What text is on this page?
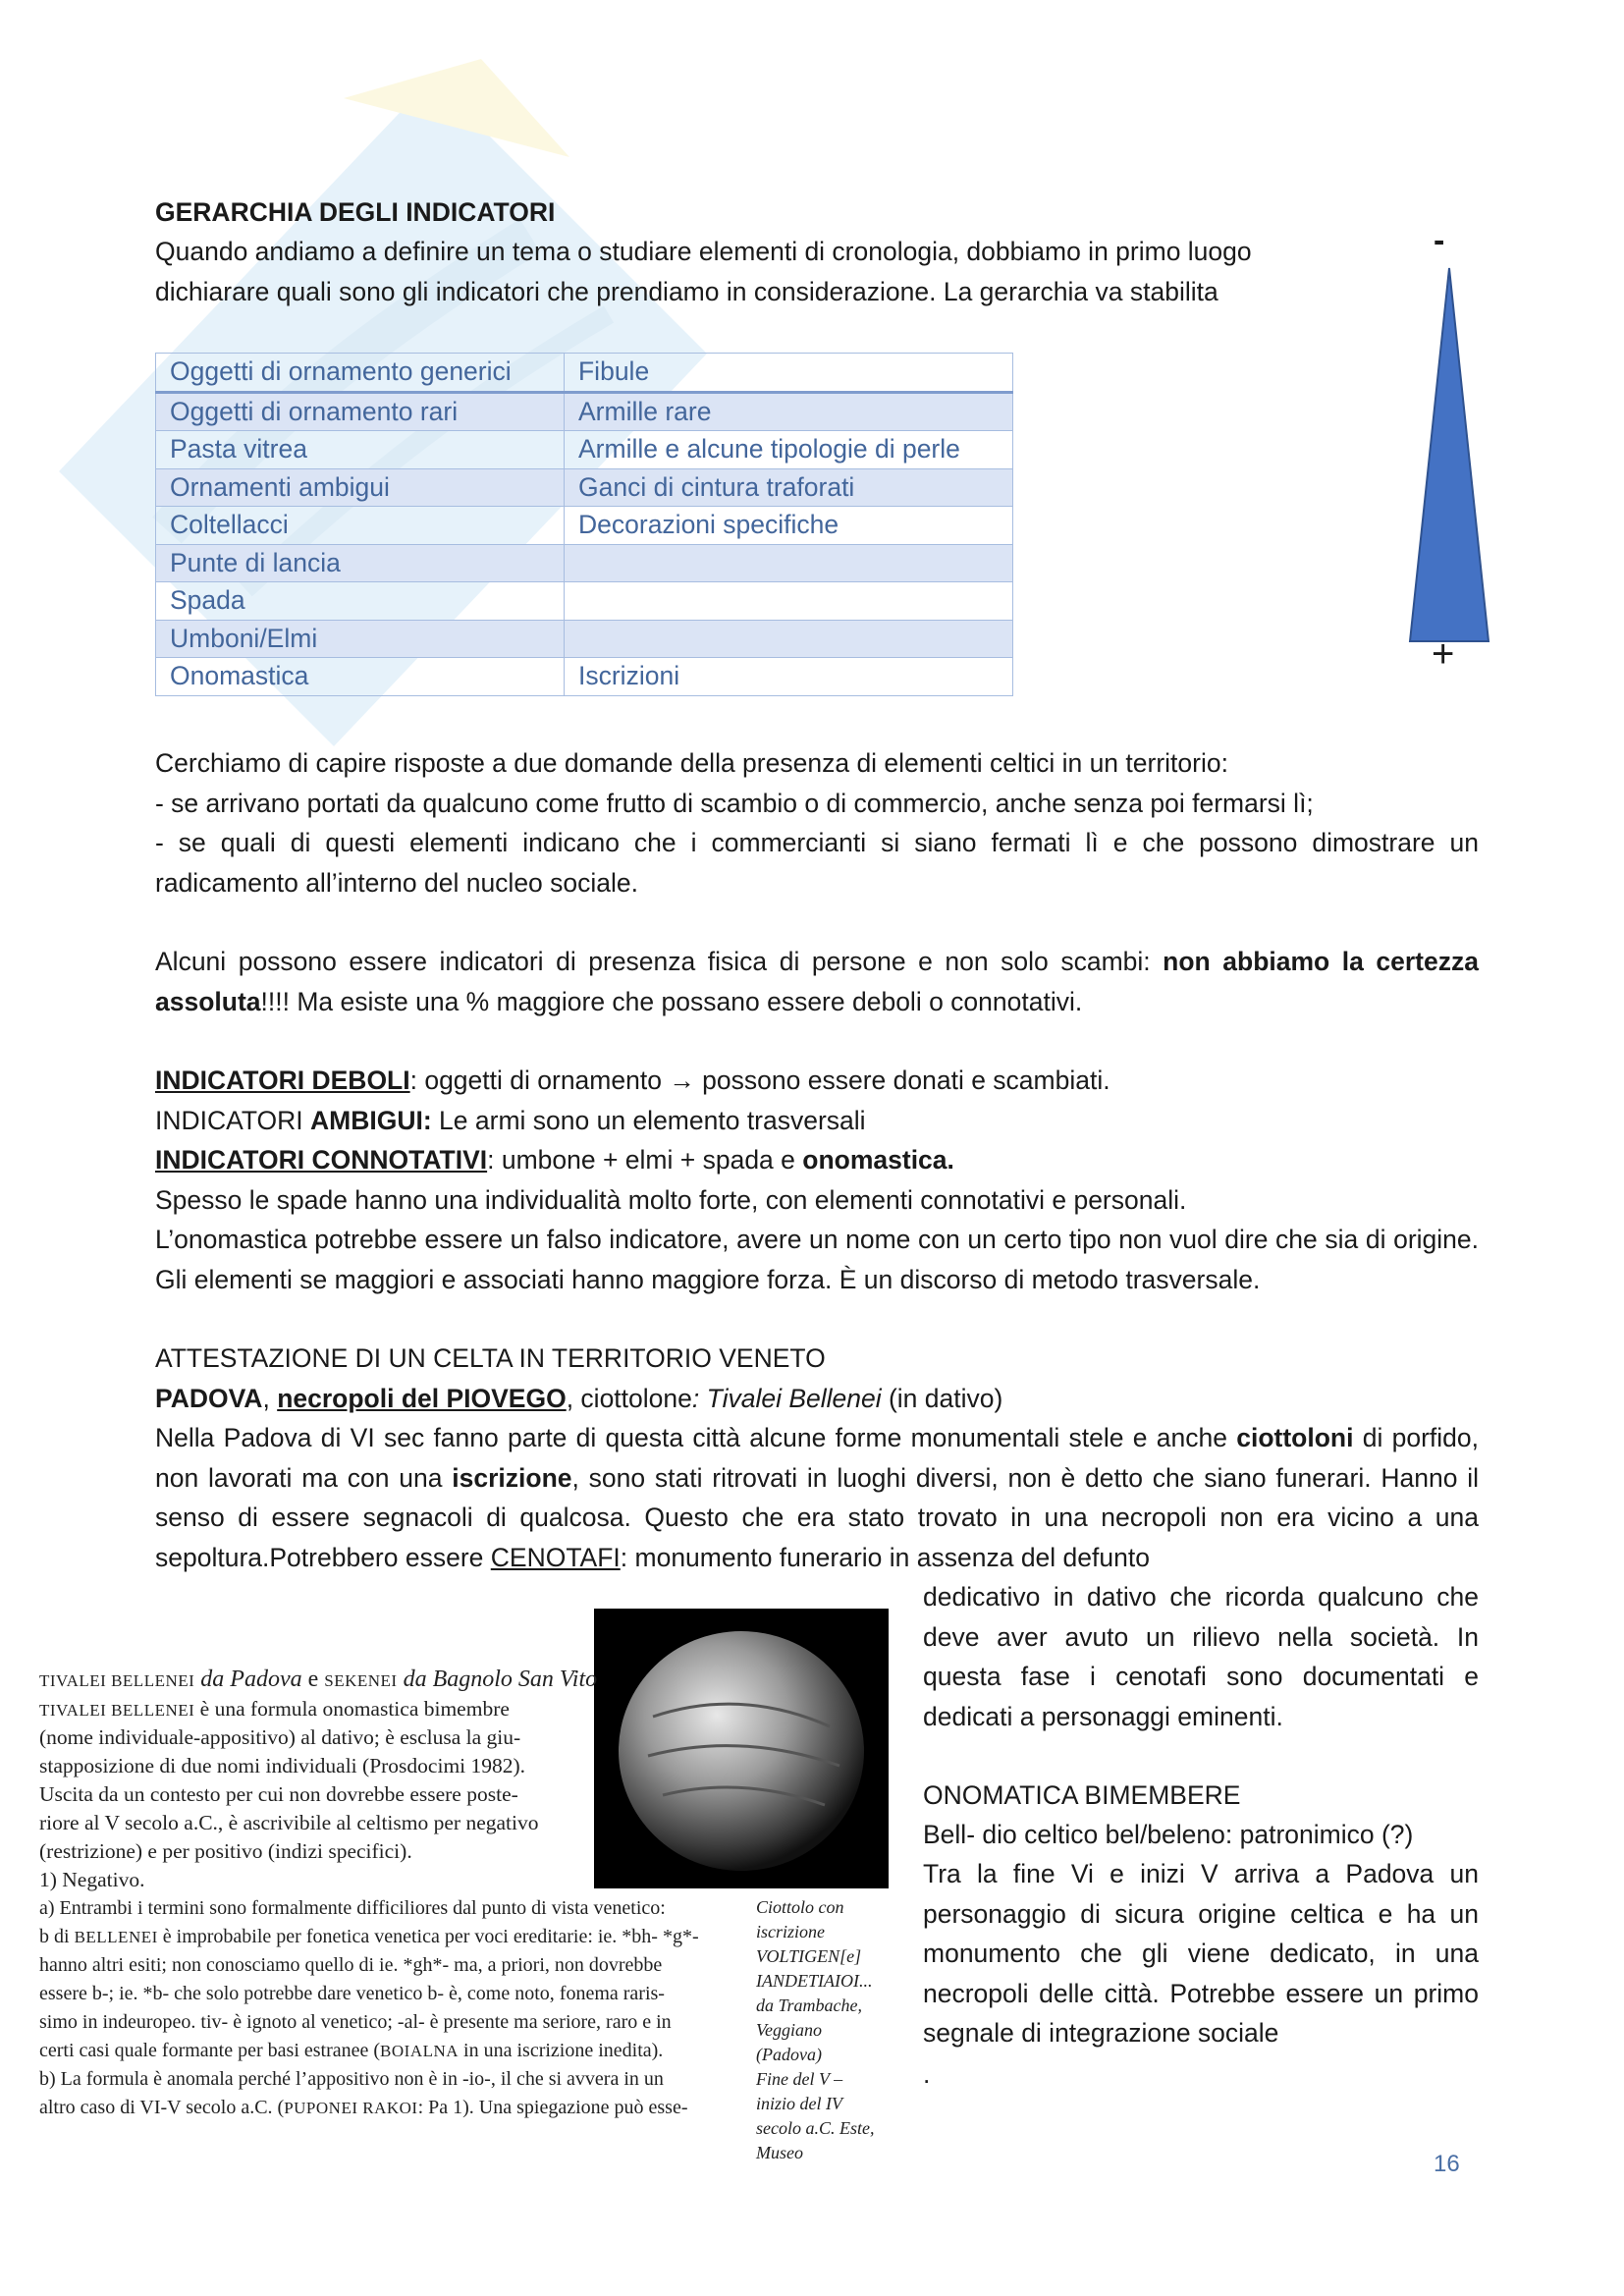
GERARCHIA DEGLI INDICATORI

Quando andiamo a definire un tema o studiare elementi di cronologia, dobbiamo in primo luogo dichiarare quali sono gli indicatori che prendiamo in considerazione. La gerarchia va stabilita

-
+
Oggetti di ornamento generici	Fibule
Oggetti di ornamento rari	Armille rare
Pasta vitrea	Armille e alcune tipologie di perle
Ornamenti ambigui	Ganci di cintura traforati
Coltellacci	Decorazioni specifiche
Punte di lancia	
Spada	
Umboni/Elmi	
Onomastica	Iscrizioni
Cerchiamo di capire risposte a due domande della presenza di elementi celtici in un territorio:
- se arrivano portati da qualcuno come frutto di scambio o di commercio, anche senza poi fermarsi lì;
- se quali di questi elementi indicano che i commercianti si siano fermati lì e che possono dimostrare un radicamento all’interno del nucleo sociale.

Alcuni possono essere indicatori di presenza fisica di persone e non solo scambi: non abbiamo la certezza assoluta!!!! Ma esiste una % maggiore che possano essere deboli o connotativi.

INDICATORI DEBOLI: oggetti di ornamento → possono essere donati e scambiati.
INDICATORI AMBIGUI: Le armi sono un elemento trasversali
INDICATORI CONNOTATIVI: umbone + elmi + spada e onomastica.
Spesso le spade hanno una individualità molto forte, con elementi connotativi e personali.
L’onomastica potrebbe essere un falso indicatore, avere un nome con un certo tipo non vuol dire che sia di origine. Gli elementi se maggiori e associati hanno maggiore forza. È un discorso di metodo trasversale.
ATTESTAZIONE DI UN CELTA IN TERRITORIO VENETO
PADOVA, necropoli del PIOVEGO, ciottolone: Tivalei Bellenei (in dativo)
Nella Padova di VI sec fanno parte di questa città alcune forme monumentali stele e anche ciottoloni di porfido, non lavorati ma con una iscrizione, sono stati ritrovati in luoghi diversi, non è detto che siano funerari. Hanno il senso di essere segnacoli di qualcosa. Questo che era stato trovato in una necropoli non era vicino a una sepoltura.Potrebbero essere CENOTAFI: monumento funerario in assenza del defunto

TIVALEI BELLENEI da Padova e SEKENEI da Bagnolo San Vito

TIVALEI BELLENEI è una formula onomastica bimembre

(nome individuale-appositivo) al dativo; è esclusa la giu-

stapposizione di due nomi individuali (Prosdocimi 1982).

Uscita da un contesto per cui non dovrebbe essere poste-

riore al V secolo a.C., è ascrivibile al celtismo per negativo

(restrizione) e per positivo (indizi specifici).

1) Negativo.

a) Entrambi i termini sono formalmente difficiliores dal punto di vista venetico:

b di BELLENEI è improbabile per fonetica venetica per voci ereditarie: ie. *bh- *g*-

hanno altri esiti; non conosciamo quello di ie. *gh*- ma, a priori, non dovrebbe

essere b-; ie. *b- che solo potrebbe dare venetico b- è, come noto, fonema raris-

simo in indeuropeo. tiv- è ignoto al venetico; -al- è presente ma seriore, raro e in

certi casi quale formante per basi estranee (BOIALNA in una iscrizione inedita).

b) La formula è anomala perché l’appositivo non è in -io-, il che si avvera in un

altro caso di VI-V secolo a.C. (PUPONEI RAKOI: Pa 1). Una spiegazione può esse-

Ciottolo con
iscrizione
VOLTIGEN[e]
IANDETIAIOI...
da Trambache,
Veggiano
(Padova)
Fine del V –
inizio del IV
secolo a.C. Este,
Museo

dedicativo in dativo che ricorda qualcuno che deve aver avuto un rilievo nella società. In questa fase i cenotafi sono documentati e dedicati a personaggi eminenti.

ONOMATICA BIMEMBERE

Bell- dio celtico bel/beleno: patronimico (?)

Tra la fine Vi e inizi V arriva a Padova un personaggio di sicura origine celtica e ha un monumento che gli viene dedicato, in una necropoli delle città. Potrebbe essere un primo segnale di integrazione sociale

.

16
